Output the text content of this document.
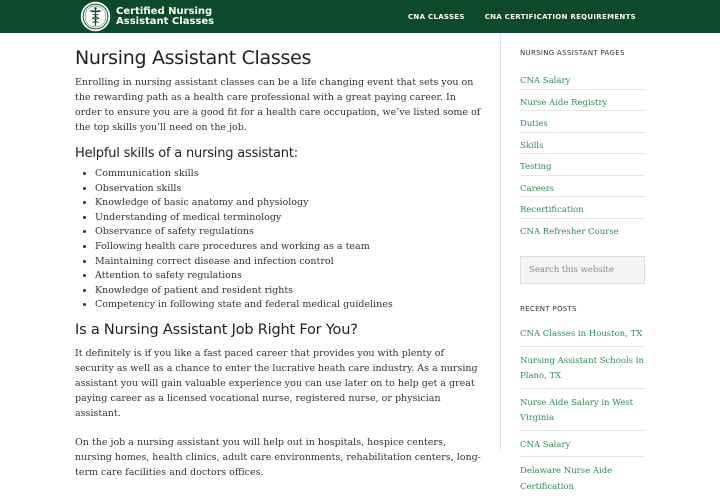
Certified Nursing
Assistant Classes	CNA CLASSES	CNA CERTIFICATION REQUIREMENTS
Nursing Assistant Classes

Enrolling in nursing assistant classes can be a life changing event that sets you on the rewarding path as a health care professional with a great paying career. In order to ensure you are a good fit for a health care occupation, we’ve listed some of the top skills you’ll need on the job.

Helpful skills of a nursing assistant:
• Communication skills
• Observation skills
• Knowledge of basic anatomy and physiology
• Understanding of medical terminology
• Observance of safety regulations
• Following health care procedures and working as a team
• Maintaining correct disease and infection control
• Attention to safety regulations
• Knowledge of patient and resident rights
• Competency in following state and federal medical guidelines
Is a Nursing Assistant Job Right For You?

It definitely is if you like a fast paced career that provides you with plenty of security as well as a chance to enter the lucrative heath care industry. As a nursing assistant you will gain valuable experience you can use later on to help get a great paying career as a licensed vocational nurse, registered nurse, or physician assistant.

On the job a nursing assistant you will help out in hospitals, hospice centers, nursing homes, health clinics, adult care environments, rehabilitation centers, long-term care facilities and doctors offices.

NURSING ASSISTANT PAGES
CNA Salary
Nurse Aide Registry
Duties
Skills
Testing
Careers
Recertification
CNA Refresher Course
Search this website
RECENT POSTS
CNA Classes in Houston, TX
Nursing Assistant Schools in Plano, TX
Nurse Aide Salary in West Virginia
CNA Salary
Delaware Nurse Aide Certification
